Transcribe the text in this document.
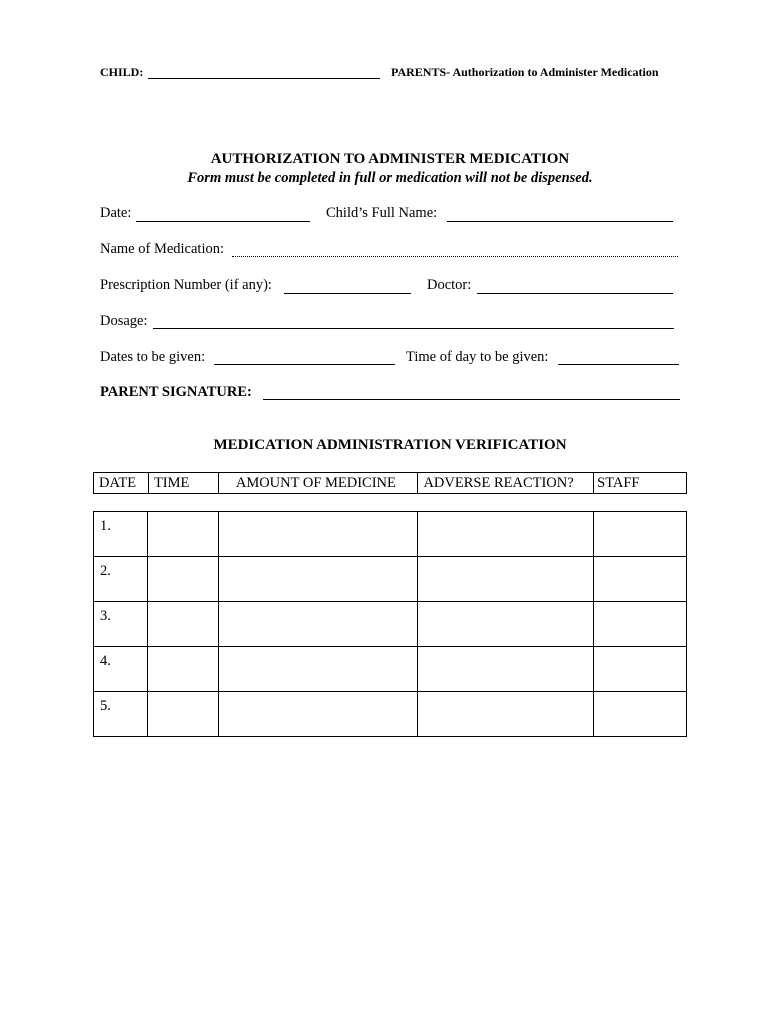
CHILD:	PARENTS- Authorization to Administer Medication
AUTHORIZATION TO ADMINISTER MEDICATION
Form must be completed in full or medication will not be dispensed.
Date:	Child’s Full Name:
Name of Medication:
Prescription Number (if any):	Doctor:
Dosage:
Dates to be given:	Time of day to be given:
PARENT SIGNATURE:
MEDICATION ADMINISTRATION VERIFICATION
DATE	TIME	AMOUNT OF MEDICINE	ADVERSE REACTION?	STAFF
1.				
2.				
3.				
4.				
5.				
